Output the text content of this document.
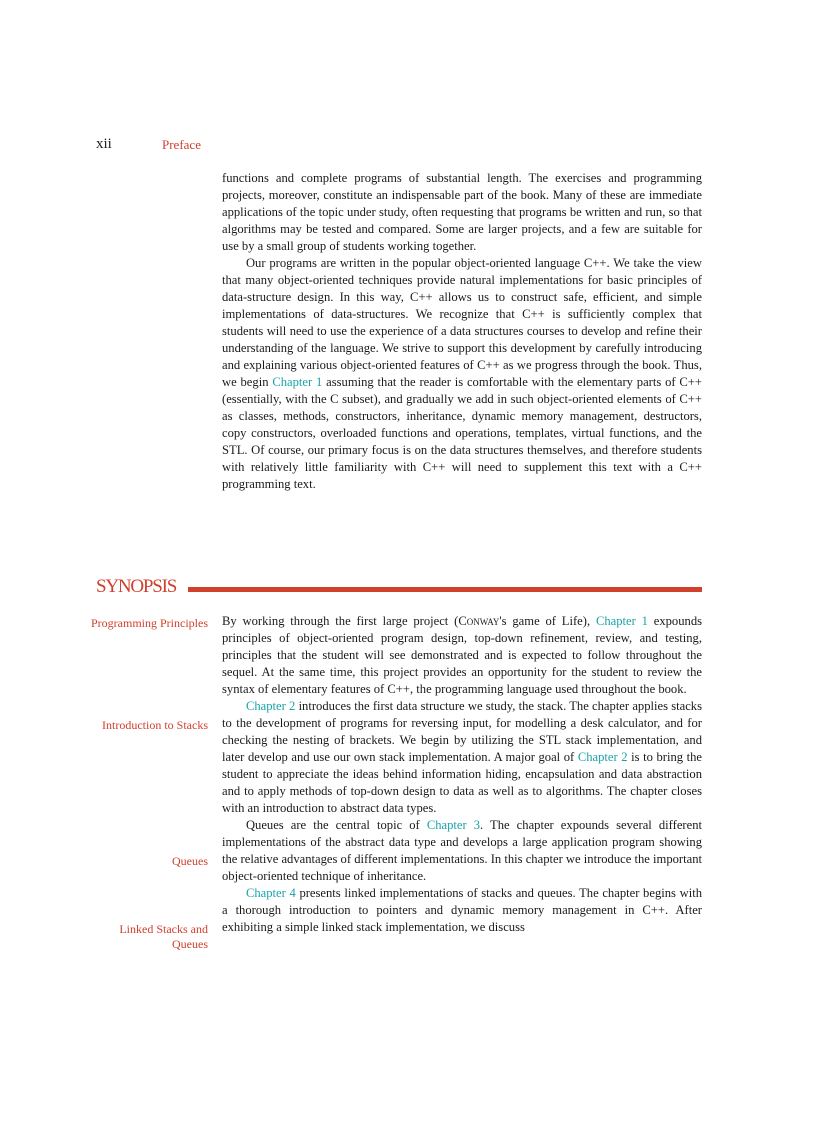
xii	Preface

functions and complete programs of substantial length. The exercises and programming projects, moreover, constitute an indispensable part of the book. Many of these are immediate applications of the topic under study, often requesting that programs be written and run, so that algorithms may be tested and compared. Some are larger projects, and a few are suitable for use by a small group of students working together.

Our programs are written in the popular object-oriented language C++. We take the view that many object-oriented techniques provide natural implementations for basic principles of data-structure design. In this way, C++ allows us to construct safe, efficient, and simple implementations of data-structures. We recognize that C++ is sufficiently complex that students will need to use the experience of a data structures courses to develop and refine their understanding of the language. We strive to support this development by carefully introducing and explaining various object-oriented features of C++ as we progress through the book. Thus, we begin Chapter 1 assuming that the reader is comfortable with the elementary parts of C++ (essentially, with the C subset), and gradually we add in such object-oriented elements of C++ as classes, methods, constructors, inheritance, dynamic memory management, destructors, copy constructors, overloaded functions and operations, templates, virtual functions, and the STL. Of course, our primary focus is on the data structures themselves, and therefore students with relatively little familiarity with C++ will need to supplement this text with a C++ programming text.

SYNOPSIS
Programming Principles
Introduction to Stacks
Queues
Linked Stacks and Queues

By working through the first large project (Conway's game of Life), Chapter 1 expounds principles of object-oriented program design, top-down refinement, review, and testing, principles that the student will see demonstrated and is expected to follow throughout the sequel. At the same time, this project provides an opportunity for the student to review the syntax of elementary features of C++, the programming language used throughout the book.

Chapter 2 introduces the first data structure we study, the stack. The chapter applies stacks to the development of programs for reversing input, for modelling a desk calculator, and for checking the nesting of brackets. We begin by utilizing the STL stack implementation, and later develop and use our own stack implementation. A major goal of Chapter 2 is to bring the student to appreciate the ideas behind information hiding, encapsulation and data abstraction and to apply methods of top-down design to data as well as to algorithms. The chapter closes with an introduction to abstract data types.

Queues are the central topic of Chapter 3. The chapter expounds several different implementations of the abstract data type and develops a large application program showing the relative advantages of different implementations. In this chapter we introduce the important object-oriented technique of inheritance.

Chapter 4 presents linked implementations of stacks and queues. The chapter begins with a thorough introduction to pointers and dynamic memory management in C++. After exhibiting a simple linked stack implementation, we discuss
